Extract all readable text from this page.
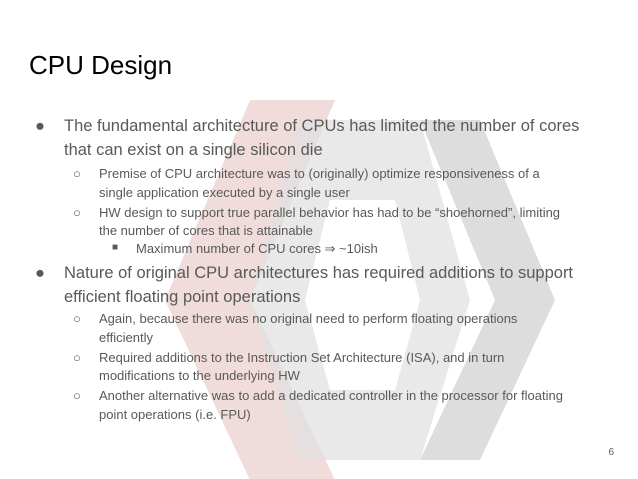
CPU Design
● The fundamental architecture of CPUs has limited the number of cores
that can exist on a single silicon die
○ Premise of CPU architecture was to (originally) optimize responsiveness of a
single application executed by a single user
○ HW design to support true parallel behavior has had to be “shoehorned”, limiting
the number of cores that is attainable
■ Maximum number of CPU cores ⇒ ~10ish
● Nature of original CPU architectures has required additions to support
efficient floating point operations
○ Again, because there was no original need to perform floating operations
efficiently
○ Required additions to the Instruction Set Architecture (ISA), and in turn
modifications to the underlying HW
○ Another alternative was to add a dedicated controller in the processor for floating
point operations (i.e. FPU)
6
